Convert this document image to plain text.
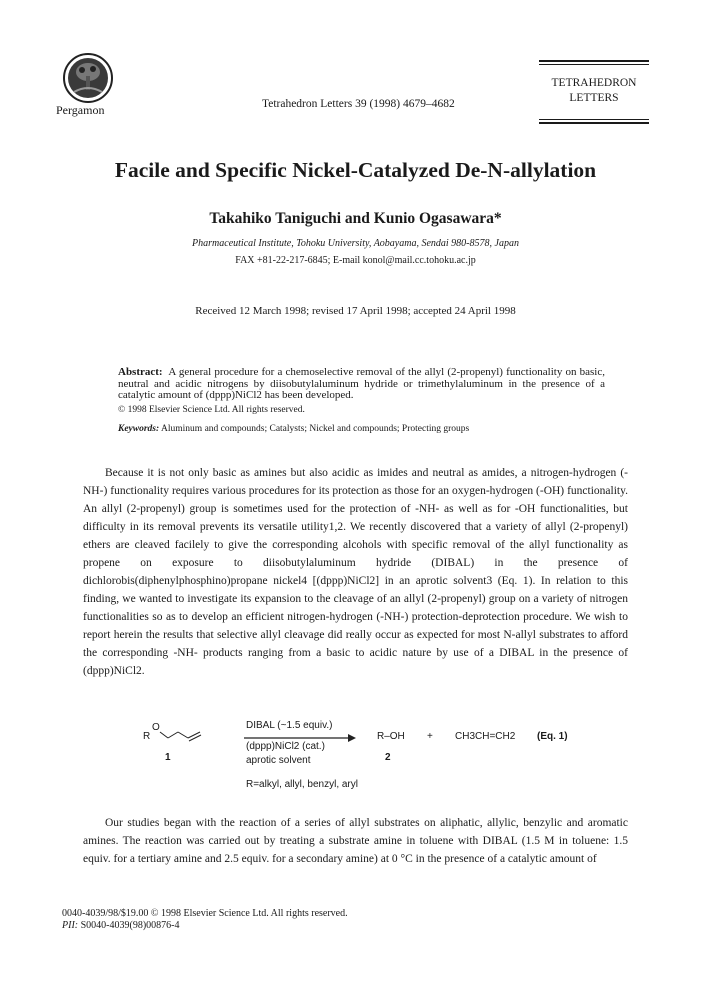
Pergamon	Tetrahedron Letters 39 (1998) 4679–4682
TETRAHEDRON
LETTERS
Facile and Specific Nickel-Catalyzed De-N-allylation
Takahiko Taniguchi and Kunio Ogasawara*
Pharmaceutical Institute, Tohoku University, Aobayama, Sendai 980-8578, Japan
FAX +81-22-217-6845; E-mail konol@mail.cc.tohoku.ac.jp
Received 12 March 1998; revised 17 April 1998; accepted 24 April 1998
Abstract: A general procedure for a chemoselective removal of the allyl (2-propenyl) functionality on basic, neutral and acidic nitrogens by diisobutylaluminum hydride or trimethylaluminum in the presence of a catalytic amount of (dppp)NiCl2 has been developed.
© 1998 Elsevier Science Ltd. All rights reserved.
Keywords: Aluminum and compounds; Catalysts; Nickel and compounds; Protecting groups
Because it is not only basic as amines but also acidic as imides and neutral as amides, a nitrogen-hydrogen (-NH-) functionality requires various procedures for its protection as those for an oxygen-hydrogen (-OH) functionality. An allyl (2-propenyl) group is sometimes used for the protection of -NH- as well as for -OH functionalities, but difficulty in its removal prevents its versatile utility1,2. We recently discovered that a variety of allyl (2-propenyl) ethers are cleaved facilely to give the corresponding alcohols with specific removal of the allyl functionality as propene on exposure to diisobutylaluminum hydride (DIBAL) in the presence of dichlorobis(diphenylphosphino)propane nickel4 [(dppp)NiCl2] in an aprotic solvent3 (Eq. 1). In relation to this finding, we wanted to investigate its expansion to the cleavage of an allyl (2-propenyl) group on a variety of nitrogen functionalities so as to develop an efficient nitrogen-hydrogen (-NH-) protection-deprotection procedure. We wish to report herein the results that selective allyl cleavage did really occur as expected for most N-allyl substrates to afford the corresponding -NH- products ranging from a basic to acidic nature by use of a DIBAL in the presence of (dppp)NiCl2.
R
O
1
DIBAL (~1.5 equiv.)
(dppp)NiCl2 (cat.)
aprotic solvent
R–OH
2
+ CH3CH=CH2 (Eq. 1)
R=alkyl, allyl, benzyl, aryl
Our studies began with the reaction of a series of allyl substrates on aliphatic, allylic, benzylic and aromatic amines. The reaction was carried out by treating a substrate amine in toluene with DIBAL (1.5 M in toluene: 1.5 equiv. for a tertiary amine and 2.5 equiv. for a secondary amine) at 0 °C in the presence of a catalytic amount of
0040-4039/98/$19.00 © 1998 Elsevier Science Ltd. All rights reserved.
PII: S0040-4039(98)00876-4
